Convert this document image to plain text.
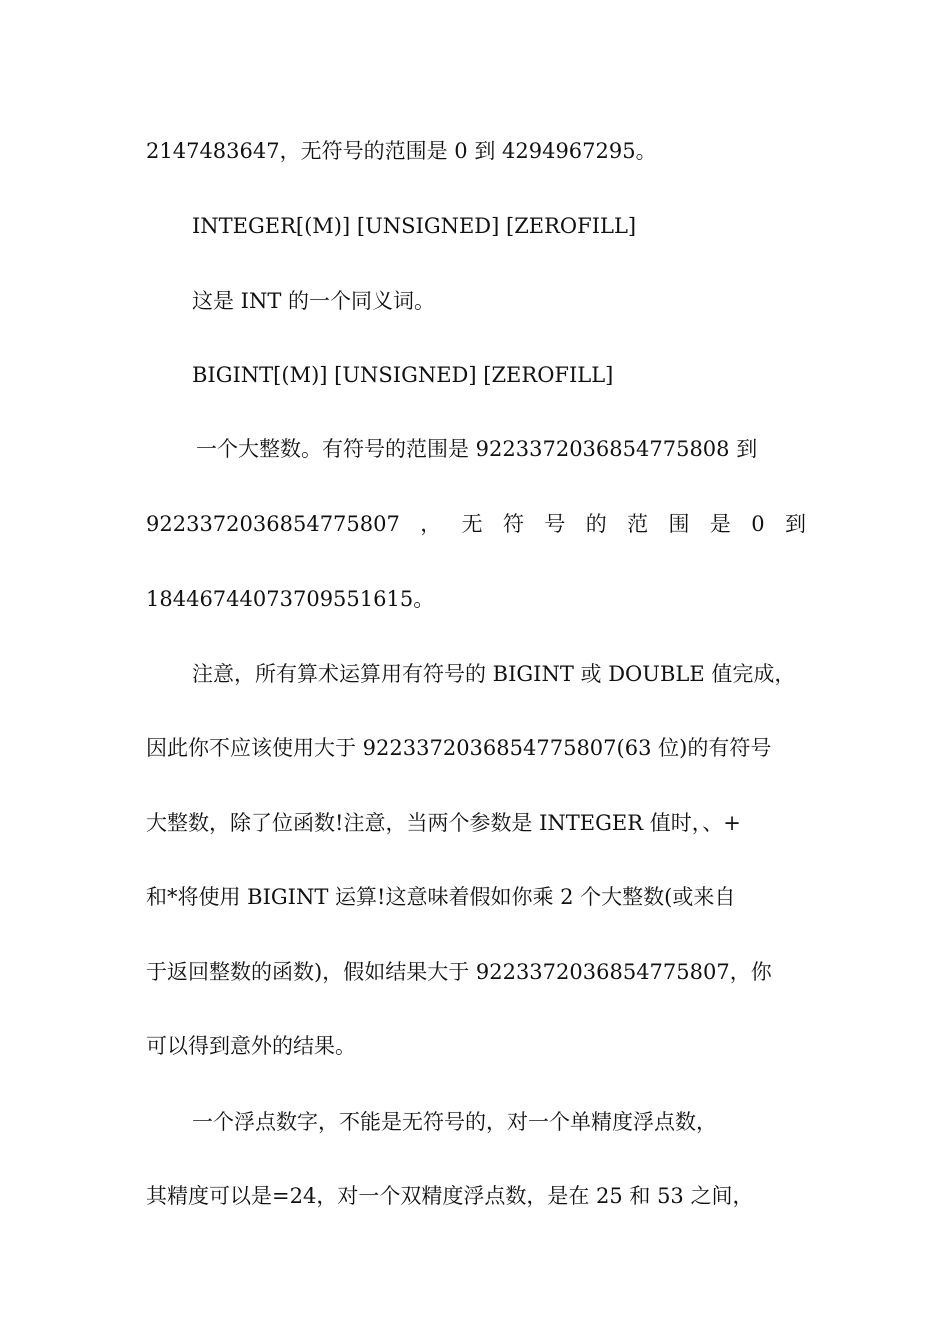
2147483647，无符号的范围是 0 到 4294967295。
INTEGER[(M)] [UNSIGNED] [ZEROFILL]
这是 INT 的一个同义词。
BIGINT[(M)] [UNSIGNED] [ZEROFILL]
一个大整数。有符号的范围是 9223372036854775808 到
9223372036854775807 ， 无 符 号 的 范 围 是 0 到
18446744073709551615。
注意，所有算术运算用有符号的 BIGINT 或 DOUBLE 值完成，
因此你不应该使用大于 9223372036854775807(63 位)的有符号
大整数，除了位函数!注意，当两个参数是 INTEGER 值时，、+
和*将使用 BIGINT 运算!这意味着假如你乘 2 个大整数(或来自
于返回整数的函数)，假如结果大于 9223372036854775807，你
可以得到意外的结果。
一个浮点数字，不能是无符号的，对一个单精度浮点数，
其精度可以是=24，对一个双精度浮点数，是在 25 和 53 之间，
